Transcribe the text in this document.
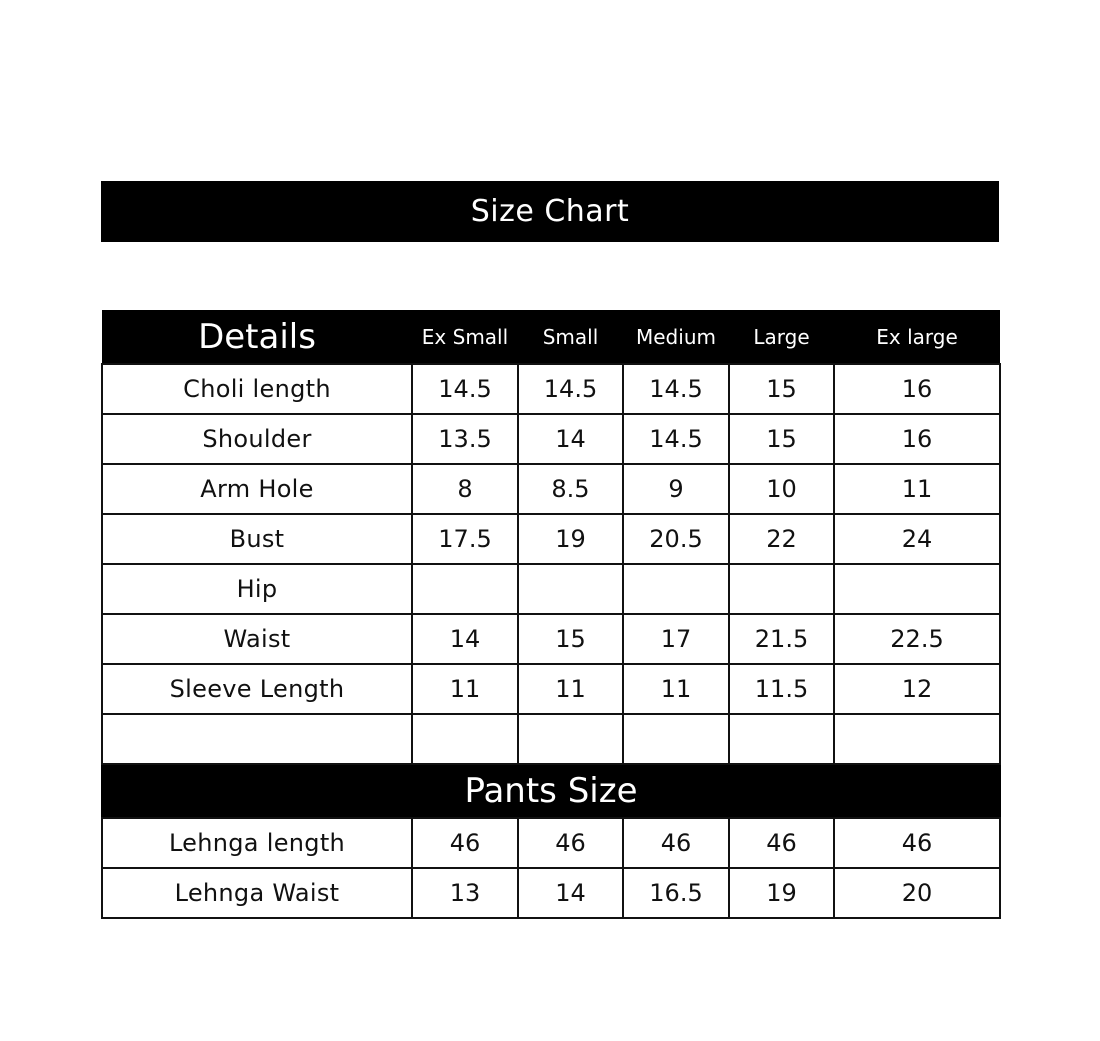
Size Chart
Details	Ex Small	Small	Medium	Large	Ex large
Choli length	14.5	14.5	14.5	15	16
Shoulder	13.5	14	14.5	15	16
Arm Hole	8	8.5	9	10	11
Bust	17.5	19	20.5	22	24
Hip					
Waist	14	15	17	21.5	22.5
Sleeve Length	11	11	11	11.5	12

Pants Size					
Lehnga length	46	46	46	46	46
Lehnga Waist	13	14	16.5	19	20
